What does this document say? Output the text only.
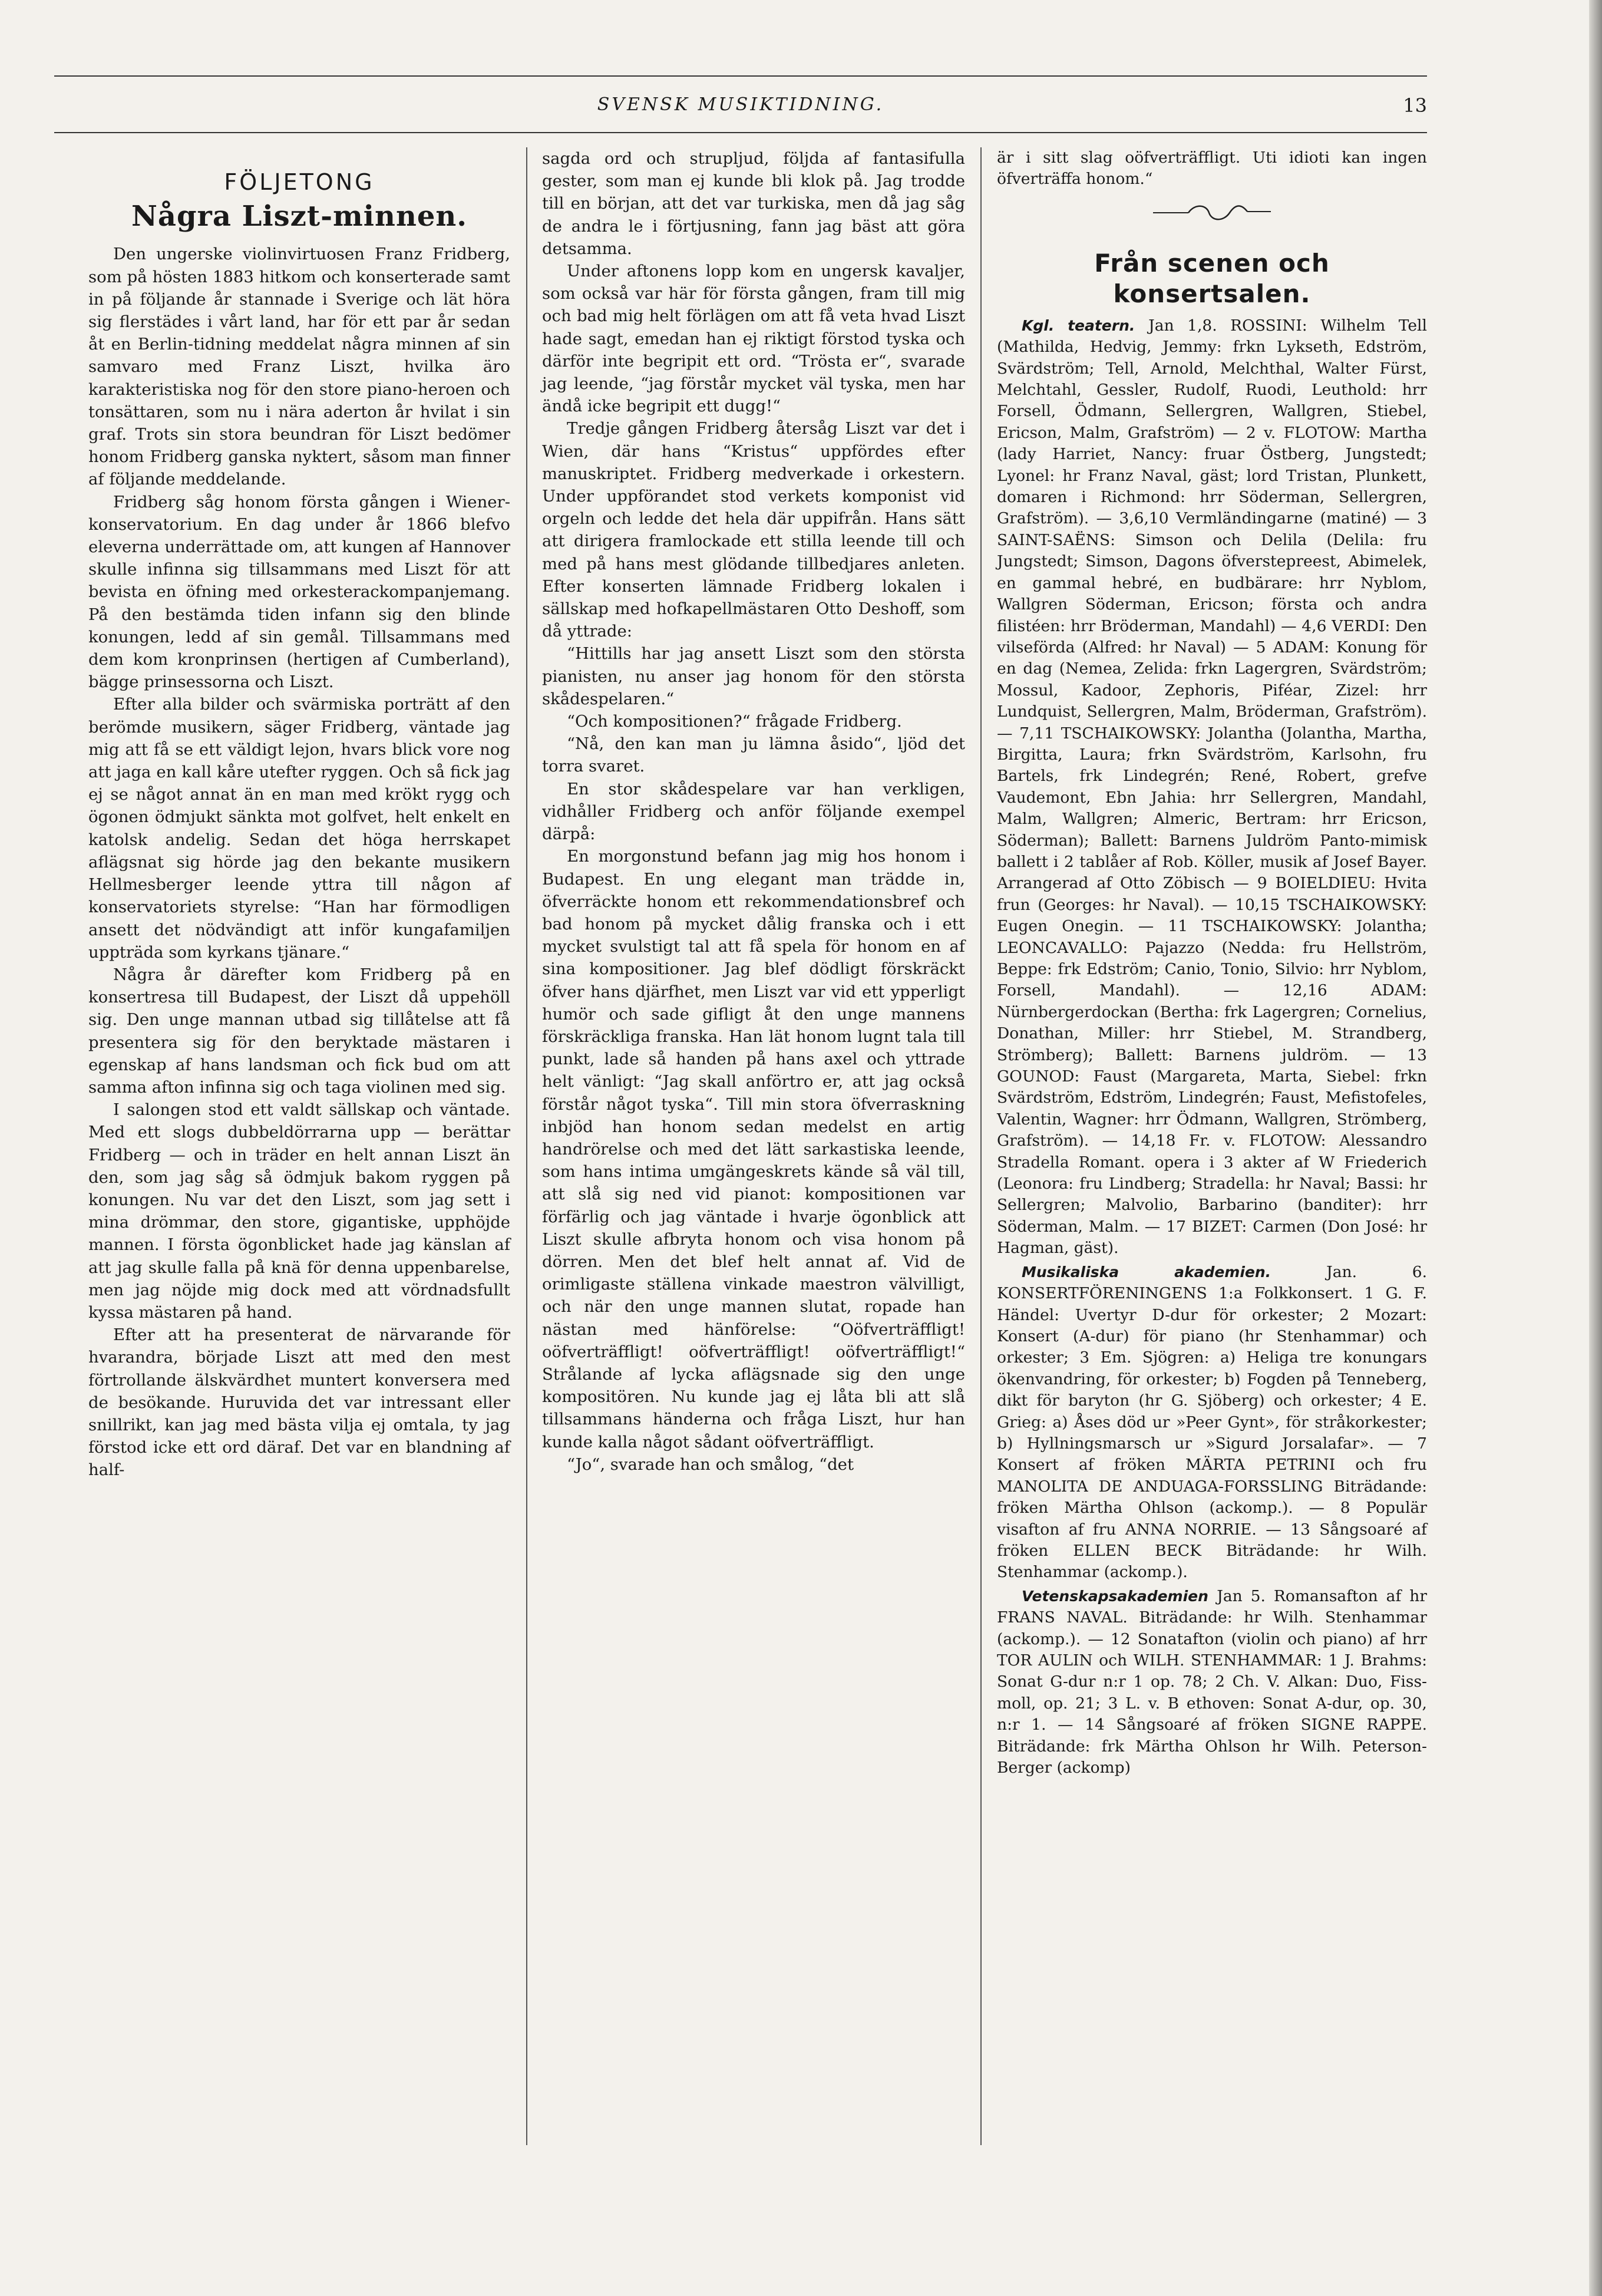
SVENSK MUSIKTIDNING.	13
FÖLJETONG
Några Liszt-minnen.

Den ungerske violinvirtuosen Franz Fridberg, som på hösten 1883 hitkom och konserterade samt in på följande år stannade i Sverige och lät höra sig flerstädes i vårt land, har för ett par år sedan åt en Berlin-tidning meddelat några minnen af sin samvaro med Franz Liszt, hvilka äro karakteristiska nog för den store piano-heroen och tonsättaren, som nu i nära aderton år hvilat i sin graf. Trots sin stora beundran för Liszt bedömer honom Fridberg ganska nyktert, såsom man finner af följande meddelande.

Fridberg såg honom första gången i Wiener-konservatorium. En dag under år 1866 blefvo eleverna underrättade om, att kungen af Hannover skulle infinna sig tillsammans med Liszt för att bevista en öfning med orkesterackompanjemang. På den bestämda tiden infann sig den blinde konungen, ledd af sin gemål. Tillsammans med dem kom kronprinsen (hertigen af Cumberland), bägge prinsessorna och Liszt.

Efter alla bilder och svärmiska porträtt af den berömde musikern, säger Fridberg, väntade jag mig att få se ett väldigt lejon, hvars blick vore nog att jaga en kall kåre utefter ryggen. Och så fick jag ej se något annat än en man med krökt rygg och ögonen ödmjukt sänkta mot golfvet, helt enkelt en katolsk andelig. Sedan det höga herrskapet aflägsnat sig hörde jag den bekante musikern Hellmesberger leende yttra till någon af konservatoriets styrelse: “Han har förmodligen ansett det nödvändigt att inför kungafamiljen uppträda som kyrkans tjänare.“

Några år därefter kom Fridberg på en konsertresa till Budapest, der Liszt då uppehöll sig. Den unge mannan utbad sig tillåtelse att få presentera sig för den beryktade mästaren i egenskap af hans landsman och fick bud om att samma afton infinna sig och taga violinen med sig.

I salongen stod ett valdt sällskap och väntade. Med ett slogs dubbeldörrarna upp — berättar Fridberg — och in träder en helt annan Liszt än den, som jag såg så ödmjuk bakom ryggen på konungen. Nu var det den Liszt, som jag sett i mina drömmar, den store, gigantiske, upphöjde mannen. I första ögonblicket hade jag känslan af att jag skulle falla på knä för denna uppenbarelse, men jag nöjde mig dock med att vördnadsfullt kyssa mästaren på hand.

Efter att ha presenterat de närvarande för hvarandra, började Liszt att med den mest förtrollande älskvärdhet muntert konversera med de besökande. Huruvida det var intressant eller snillrikt, kan jag med bästa vilja ej omtala, ty jag förstod icke ett ord däraf. Det var en blandning af half-

sagda ord och strupljud, följda af fantasifulla gester, som man ej kunde bli klok på. Jag trodde till en början, att det var turkiska, men då jag såg de andra le i förtjusning, fann jag bäst att göra detsamma.

Under aftonens lopp kom en ungersk kavaljer, som också var här för första gången, fram till mig och bad mig helt förlägen om att få veta hvad Liszt hade sagt, emedan han ej riktigt förstod tyska och därför inte begripit ett ord. “Trösta er“, svarade jag leende, “jag förstår mycket väl tyska, men har ändå icke begripit ett dugg!“

Tredje gången Fridberg återsåg Liszt var det i Wien, där hans “Kristus“ uppfördes efter manuskriptet. Fridberg medverkade i orkestern. Under uppförandet stod verkets komponist vid orgeln och ledde det hela där uppifrån. Hans sätt att dirigera framlockade ett stilla leende till och med på hans mest glödande tillbedjares anleten. Efter konserten lämnade Fridberg lokalen i sällskap med hofkapellmästaren Otto Deshoff, som då yttrade:

“Hittills har jag ansett Liszt som den största pianisten, nu anser jag honom för den största skådespelaren.“

“Och kompositionen?“ frågade Fridberg.

“Nå, den kan man ju lämna åsido“, ljöd det torra svaret.

En stor skådespelare var han verkligen, vidhåller Fridberg och anför följande exempel därpå:

En morgonstund befann jag mig hos honom i Budapest. En ung elegant man trädde in, öfverräckte honom ett rekommendationsbref och bad honom på mycket dålig franska och i ett mycket svulstigt tal att få spela för honom en af sina kompositioner. Jag blef dödligt förskräckt öfver hans djärfhet, men Liszt var vid ett ypperligt humör och sade gifligt åt den unge mannens förskräckliga franska. Han lät honom lugnt tala till punkt, lade så handen på hans axel och yttrade helt vänligt: “Jag skall anförtro er, att jag också förstår något tyska“. Till min stora öfverraskning inbjöd han honom sedan medelst en artig handrörelse och med det lätt sarkastiska leende, som hans intima umgängeskrets kände så väl till, att slå sig ned vid pianot: kompositionen var förfärlig och jag väntade i hvarje ögonblick att Liszt skulle afbryta honom och visa honom på dörren. Men det blef helt annat af. Vid de orimligaste ställena vinkade maestron välvilligt, och när den unge mannen slutat, ropade han nästan med hänförelse: “Oöfverträffligt! oöfverträffligt! oöfverträffligt! oöfverträffligt!“ Strålande af lycka aflägsnade sig den unge kompositören. Nu kunde jag ej låta bli att slå tillsammans händerna och fråga Liszt, hur han kunde kalla något sådant oöfverträffligt.

“Jo“, svarade han och smålog, “det

är i sitt slag oöfverträffligt. Uti idioti kan ingen öfverträffa honom.“

Från scenen och konsertsalen.

Kgl. teatern. Jan 1,8. ROSSINI: Wilhelm Tell (Mathilda, Hedvig, Jemmy: frkn Lykseth, Edström, Svärdström; Tell, Arnold, Melchthal, Walter Fürst, Melchtahl, Gessler, Rudolf, Ruodi, Leuthold: hrr Forsell, Ödmann, Sellergren, Wallgren, Stiebel, Ericson, Malm, Grafström) — 2 v. FLOTOW: Martha (lady Harriet, Nancy: fruar Östberg, Jungstedt; Lyonel: hr Franz Naval, gäst; lord Tristan, Plunkett, domaren i Richmond: hrr Söderman, Sellergren, Grafström). — 3,6,10 Vermländingarne (matiné) — 3 SAINT-SAËNS: Simson och Delila (Delila: fru Jungstedt; Simson, Dagons öfverstepreest, Abimelek, en gammal hebré, en budbärare: hrr Nyblom, Wallgren Söderman, Ericson; första och andra filistéen: hrr Bröderman, Mandahl) — 4,6 VERDI: Den vilseförda (Alfred: hr Naval) — 5 ADAM: Konung för en dag (Nemea, Zelida: frkn Lagergren, Svärdström; Mossul, Kadoor, Zephoris, Piféar, Zizel: hrr Lundquist, Sellergren, Malm, Bröderman, Grafström). — 7,11 TSCHAIKOWSKY: Jolantha (Jolantha, Martha, Birgitta, Laura; frkn Svärdström, Karlsohn, fru Bartels, frk Lindegrén; René, Robert, grefve Vaudemont, Ebn Jahia: hrr Sellergren, Mandahl, Malm, Wallgren; Almeric, Bertram: hrr Ericson, Söderman); Ballett: Barnens Juldröm Panto-mimisk ballett i 2 tablåer af Rob. Köller, musik af Josef Bayer. Arrangerad af Otto Zöbisch — 9 BOIELDIEU: Hvita frun (Georges: hr Naval). — 10,15 TSCHAIKOWSKY: Eugen Onegin. — 11 TSCHAIKOWSKY: Jolantha; LEONCAVALLO: Pajazzo (Nedda: fru Hellström, Beppe: frk Edström; Canio, Tonio, Silvio: hrr Nyblom, Forsell, Mandahl). — 12,16 ADAM: Nürnbergerdockan (Bertha: frk Lagergren; Cornelius, Donathan, Miller: hrr Stiebel, M. Strandberg, Strömberg); Ballett: Barnens juldröm. — 13 GOUNOD: Faust (Margareta, Marta, Siebel: frkn Svärdström, Edström, Lindegrén; Faust, Mefistofeles, Valentin, Wagner: hrr Ödmann, Wallgren, Strömberg, Grafström). — 14,18 Fr. v. FLOTOW: Alessandro Stradella Romant. opera i 3 akter af W Friederich (Leonora: fru Lindberg; Stradella: hr Naval; Bassi: hr Sellergren; Malvolio, Barbarino (banditer): hrr Söderman, Malm. — 17 BIZET: Carmen (Don José: hr Hagman, gäst).

Musikaliska akademien. Jan. 6. KONSERTFÖRENINGENS 1:a Folkkonsert. 1 G. F. Händel: Uvertyr D-dur för orkester; 2 Mozart: Konsert (A-dur) för piano (hr Stenhammar) och orkester; 3 Em. Sjögren: a) Heliga tre konungars ökenvandring, för orkester; b) Fogden på Tenneberg, dikt för baryton (hr G. Sjöberg) och orkester; 4 E. Grieg: a) Åses död ur »Peer Gynt», för stråkorkester; b) Hyllningsmarsch ur »Sigurd Jorsalafar». — 7 Konsert af fröken MÄRTA PETRINI och fru MANOLITA DE ANDUAGA-FORSSLING Biträdande: fröken Märtha Ohlson (ackomp.). — 8 Populär visafton af fru ANNA NORRIE. — 13 Sångsoaré af fröken ELLEN BECK Biträdande: hr Wilh. Stenhammar (ackomp.).

Vetenskapsakademien Jan 5. Romansafton af hr FRANS NAVAL. Biträdande: hr Wilh. Stenhammar (ackomp.). — 12 Sonatafton (violin och piano) af hrr TOR AULIN och WILH. STENHAMMAR: 1 J. Brahms: Sonat G-dur n:r 1 op. 78; 2 Ch. V. Alkan: Duo, Fiss-moll, op. 21; 3 L. v. B ethoven: Sonat A-dur, op. 30, n:r 1. — 14 Sångsoaré af fröken SIGNE RAPPE. Biträdande: frk Märtha Ohlson hr Wilh. Peterson-Berger (ackomp)
